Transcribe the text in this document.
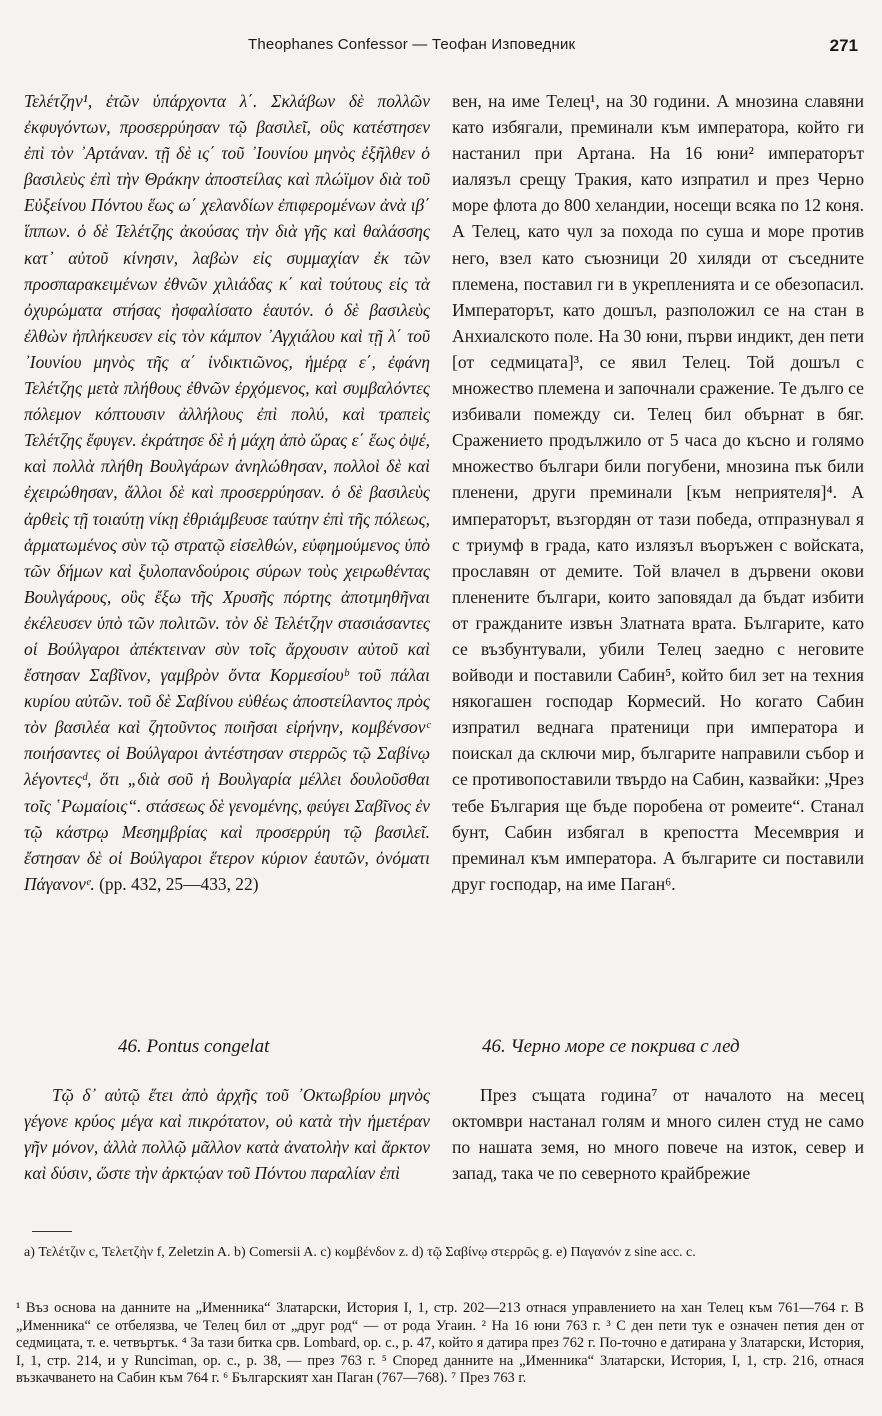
Theophanes Confessor — Теофан Изповедник	271

Τελέτζην¹, ἐτῶν ὑπάρχοντα λ΄. Σκλάβων δὲ πολλῶν ἐκφυγόντων, προσερρύησαν τῷ βασιλεῖ, οὓς κατέστησεν ἐπὶ τὸν ᾽Αρτάναν. τῇ δὲ ις΄ τοῦ ᾽Ιουνίου μηνὸς ἐξῆλθεν ὁ βασιλεὺς ἐπὶ τὴν Θράκην ἀποστείλας καὶ πλώϊμον διὰ τοῦ Εὐξείνου Πόντου ἕως ω΄ χελανδίων ἐπιφερομένων ἀνὰ ιβ΄ ἵππων. ὁ δὲ Τελέτζης ἀκούσας τὴν διὰ γῆς καὶ θαλάσσης κατ᾽ αὐτοῦ κίνησιν, λαβὼν εἰς συμμαχίαν ἐκ τῶν προσπαρακειμένων ἐθνῶν χιλιάδας κ΄ καὶ τούτους εἰς τὰ ὀχυρώματα στήσας ἠσφαλίσατο ἑαυτόν. ὁ δὲ βασιλεὺς ἐλθὼν ἠπλήκευσεν εἰς τὸν κάμπον ᾽Αγχιάλου καὶ τῇ λ΄ τοῦ ᾽Ιουνίου μηνὸς τῆς α΄ ἰνδικτιῶνος, ἡμέρᾳ ε΄, ἐφάνη Τελέτζης μετὰ πλήθους ἐθνῶν ἐρχόμενος, καὶ συμβαλόντες πόλεμον κόπτουσιν ἀλλήλους ἐπὶ πολύ, καὶ τραπεὶς Τελέτζης ἔφυγεν. ἐκράτησε δὲ ἡ μάχη ἀπὸ ὥρας ε΄ ἕως ὀψέ, καὶ πολλὰ πλήθη Βουλγάρων ἀνηλώθησαν, πολλοὶ δὲ καὶ ἐχειρώθησαν, ἄλλοι δὲ καὶ προσερρύησαν. ὁ δὲ βασιλεὺς ἀρθεὶς τῇ τοιαύτῃ νίκῃ ἐθριάμβευσε ταύτην ἐπὶ τῆς πόλεως, ἁρματωμένος σὺν τῷ στρατῷ εἰσελθών, εὐφημούμενος ὑπὸ τῶν δήμων καὶ ξυλοπανδούροις σύρων τοὺς χειρωθέντας Βουλγάρους, οὓς ἔξω τῆς Χρυσῆς πόρτης ἀποτμηθῆναι ἐκέλευσεν ὑπὸ τῶν πολιτῶν. τὸν δὲ Τελέτζην στασιάσαντες οἱ Βούλγαροι ἀπέκτειναν σὺν τοῖς ἄρχουσιν αὐτοῦ καὶ ἔστησαν Σαβῖνον, γαμβρὸν ὄντα Κορμεσίουᵇ τοῦ πάλαι κυρίου αὐτῶν. τοῦ δὲ Σαβίνου εὐθέως ἀποστείλαντος πρὸς τὸν βασιλέα καὶ ζητοῦντος ποιῆσαι εἰρήνην, κομβένσονᶜ ποιήσαντες οἱ Βούλγαροι ἀντέστησαν στερρῶς τῷ Σαβίνῳ λέγοντεςᵈ, ὅτι „διὰ σοῦ ἡ Βουλγαρία μέλλει δουλοῦσθαι τοῖς ῾Ρωμαίοις“. στάσεως δὲ γενομένης, φεύγει Σαβῖνος ἐν τῷ κάστρῳ Μεσημβρίας καὶ προσερρύη τῷ βασιλεῖ. ἔστησαν δὲ οἱ Βούλγαροι ἕτερον κύριον ἑαυτῶν, ὀνόματι Πάγανονᵉ. (pp. 432, 25—433, 22)

вен, на име Телец¹, на 30 години. А мнозина славяни като избягали, преминали към императора, който ги настанил при Артана. На 16 юни² императорът иалязъл срещу Тракия, като изпратил и през Черно море флота до 800 хеландии, носещи всяка по 12 коня. А Телец, като чул за похода по суша и море против него, взел като съюзници 20 хиляди от съседните племена, поставил ги в укрепленията и се обезопасил. Императорът, като дошъл, разположил се на стан в Анхиалското поле. На 30 юни, първи индикт, ден пети [от седмицата]³, се явил Телец. Той дошъл с множество племена и започнали сражение. Те дълго се избивали помежду си. Телец бил обърнат в бяг. Сражението продължило от 5 часа до късно и голямо множество българи били погубени, мнозина пък били пленени, други преминали [към неприятеля]⁴. А императорът, възгордян от тази победа, отпразнувал я с триумф в града, като излязъл въоръжен с войската, прославян от демите. Той влачел в дървени окови пленените българи, които заповядал да бъдат избити от гражданите извън Златната врата. Българите, като се възбунтували, убили Телец заедно с неговите войводи и поставили Сабин⁵, който бил зет на техния някогашен господар Кормесий. Но когато Сабин изпратил веднага пратеници при императора и поискал да сключи мир, българите направили събор и се противопоставили твърдо на Сабин, казвайки: „Чрез тебе България ще бъде поробена от ромеите“. Станал бунт, Сабин избягал в крепостта Месемврия и преминал към императора. А българите си поставили друг господар, на име Паган⁶.

46. Pontus congelat	46. Черно море се покрива с лед

Τῷ δ᾽ αὐτῷ ἔτει ἀπὸ ἀρχῆς τοῦ ᾽Οκτωβρίου μηνὸς γέγονε κρύος μέγα καὶ πικρότατον, οὐ κατὰ τὴν ἡμετέραν γῆν μόνον, ἀλλὰ πολλῷ μᾶλλον κατὰ ἀνατολὴν καὶ ἄρκτον καὶ δύσιν, ὥστε τὴν ἀρκτῴαν τοῦ Πόντου παραλίαν ἐπὶ

През същата година⁷ от началото на месец октомври настанал голям и много силен студ не само по нашата земя, но много повече на изток, север и запад, така че по северното крайбрежие

a) Τελέτζιν c, Τελετζὴν f, Zeletzin A. b) Comersii A. c) κομβένδον z. d) τῷ Σαβίνῳ στερρῶς g. e) Παγανόν z sine acc. c.

¹ Въз основа на данните на „Именника“ Златарски, История I, 1, стр. 202—213 отнася управлението на хан Телец към 761—764 г. В „Именника“ се отбелязва, че Телец бил от „друг род“ — от рода Угаин. ² На 16 юни 763 г. ³ С ден пети тук е означен петия ден от седмицата, т. е. четвъртък. ⁴ За тази битка срв. Lombard, op. c., p. 47, който я датира през 762 г. По-точно е датирана у Златарски, История, I, 1, стр. 214, и у Runciman, op. c., p. 38, — през 763 г. ⁵ Според данните на „Именника“ Златарски, История, I, 1, стр. 216, отнася възкачването на Сабин към 764 г. ⁶ Българският хан Паган (767—768). ⁷ През 763 г.
